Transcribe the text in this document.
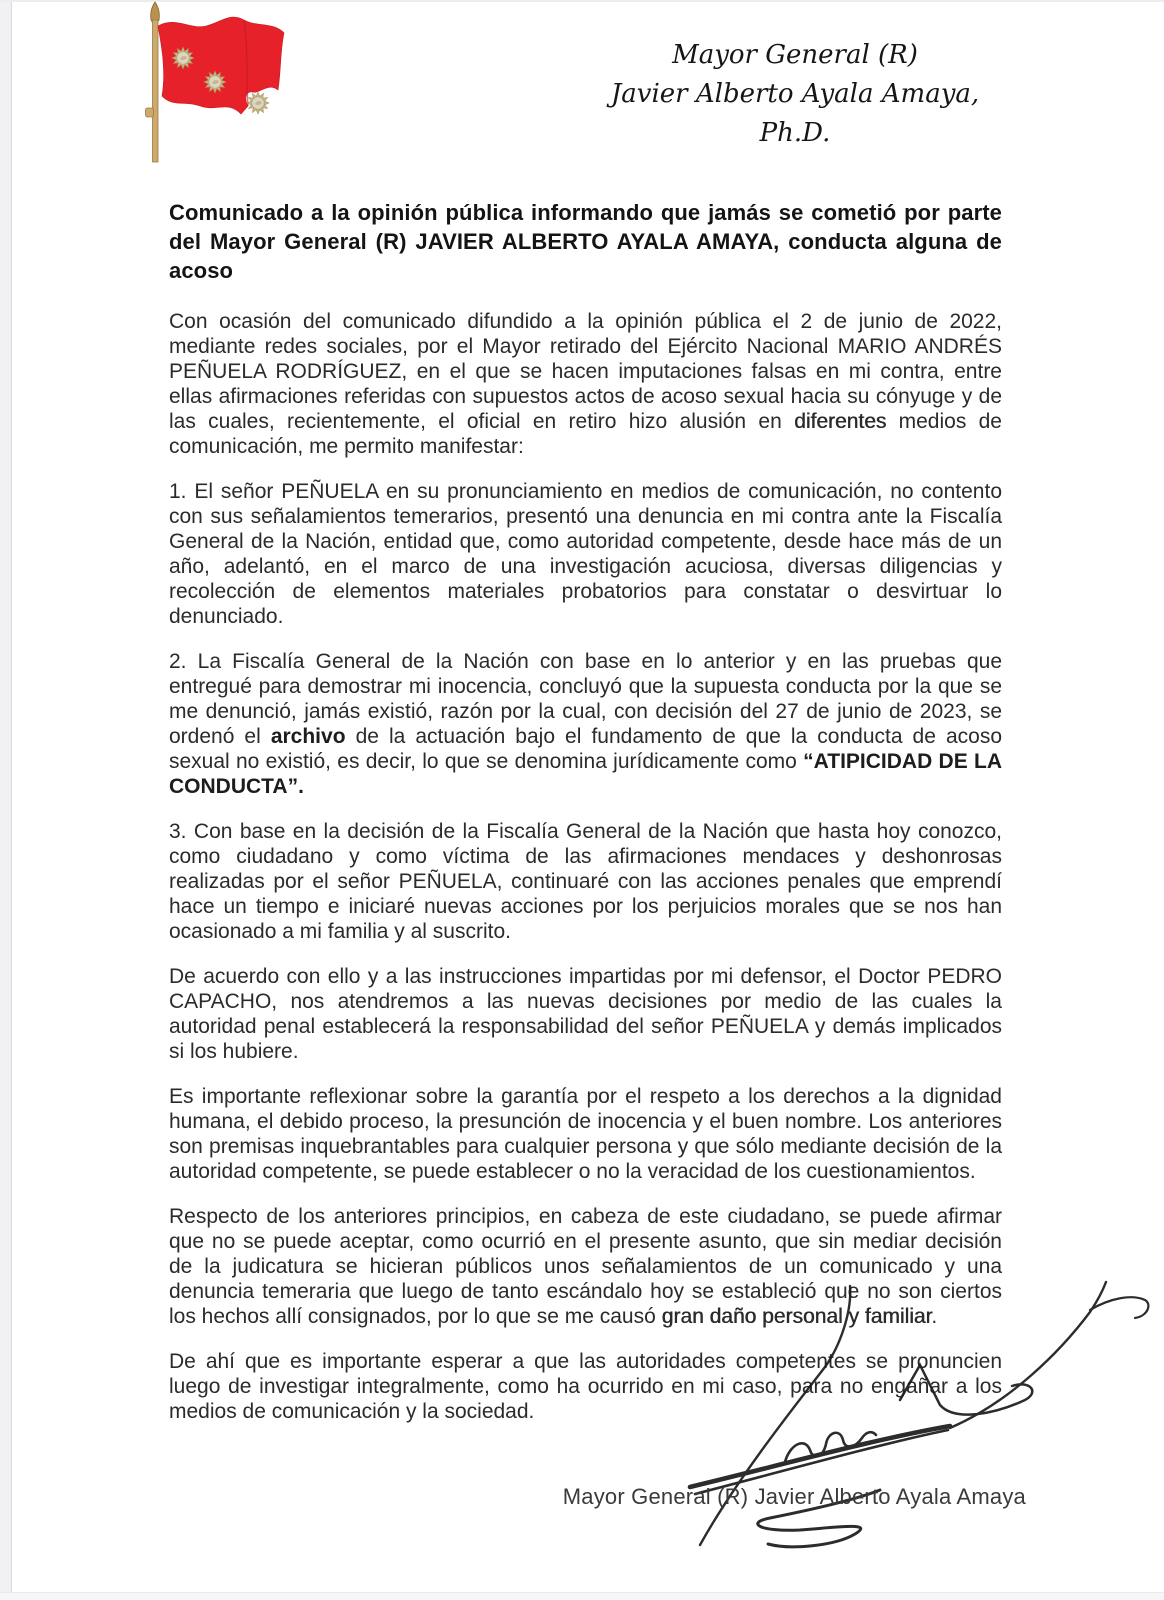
Mayor General (R)
Javier Alberto Ayala Amaya, Ph.D.
Comunicado a la opinión pública informando que jamás se cometió por parte del Mayor General (R) JAVIER ALBERTO AYALA AMAYA, conducta alguna de acoso

Con ocasión del comunicado difundido a la opinión pública el 2 de junio de 2022, mediante redes sociales, por el Mayor retirado del Ejército Nacional MARIO ANDRÉS PEÑUELA RODRÍGUEZ, en el que se hacen imputaciones falsas en mi contra, entre ellas afirmaciones referidas con supuestos actos de acoso sexual hacia su cónyuge y de las cuales, recientemente, el oficial en retiro hizo alusión en diferentes medios de comunicación, me permito manifestar:

1. El señor PEÑUELA en su pronunciamiento en medios de comunicación, no contento con sus señalamientos temerarios, presentó una denuncia en mi contra ante la Fiscalía General de la Nación, entidad que, como autoridad competente, desde hace más de un año, adelantó, en el marco de una investigación acuciosa, diversas diligencias y recolección de elementos materiales probatorios para constatar o desvirtuar lo denunciado.

2. La Fiscalía General de la Nación con base en lo anterior y en las pruebas que entregué para demostrar mi inocencia, concluyó que la supuesta conducta por la que se me denunció, jamás existió, razón por la cual, con decisión del 27 de junio de 2023, se ordenó el archivo de la actuación bajo el fundamento de que la conducta de acoso sexual no existió, es decir, lo que se denomina jurídicamente como “ATIPICIDAD DE LA CONDUCTA”.

3. Con base en la decisión de la Fiscalía General de la Nación que hasta hoy conozco, como ciudadano y como víctima de las afirmaciones mendaces y deshonrosas realizadas por el señor PEÑUELA, continuaré con las acciones penales que emprendí hace un tiempo e iniciaré nuevas acciones por los perjuicios morales que se nos han ocasionado a mi familia y al suscrito.

De acuerdo con ello y a las instrucciones impartidas por mi defensor, el Doctor PEDRO CAPACHO, nos atendremos a las nuevas decisiones por medio de las cuales la autoridad penal establecerá la responsabilidad del señor PEÑUELA y demás implicados si los hubiere.

Es importante reflexionar sobre la garantía por el respeto a los derechos a la dignidad humana, el debido proceso, la presunción de inocencia y el buen nombre. Los anteriores son premisas inquebrantables para cualquier persona y que sólo mediante decisión de la autoridad competente, se puede establecer o no la veracidad de los cuestionamientos.

Respecto de los anteriores principios, en cabeza de este ciudadano, se puede afirmar que no se puede aceptar, como ocurrió en el presente asunto, que sin mediar decisión de la judicatura se hicieran públicos unos señalamientos de un comunicado y una denuncia temeraria que luego de tanto escándalo hoy se estableció que no son ciertos los hechos allí consignados, por lo que se me causó gran daño personal y familiar.

De ahí que es importante esperar a que las autoridades competentes se pronuncien luego de investigar integralmente, como ha ocurrido en mi caso, para no engañar a los medios de comunicación y la sociedad.

Mayor General (R) Javier Alberto Ayala Amaya
